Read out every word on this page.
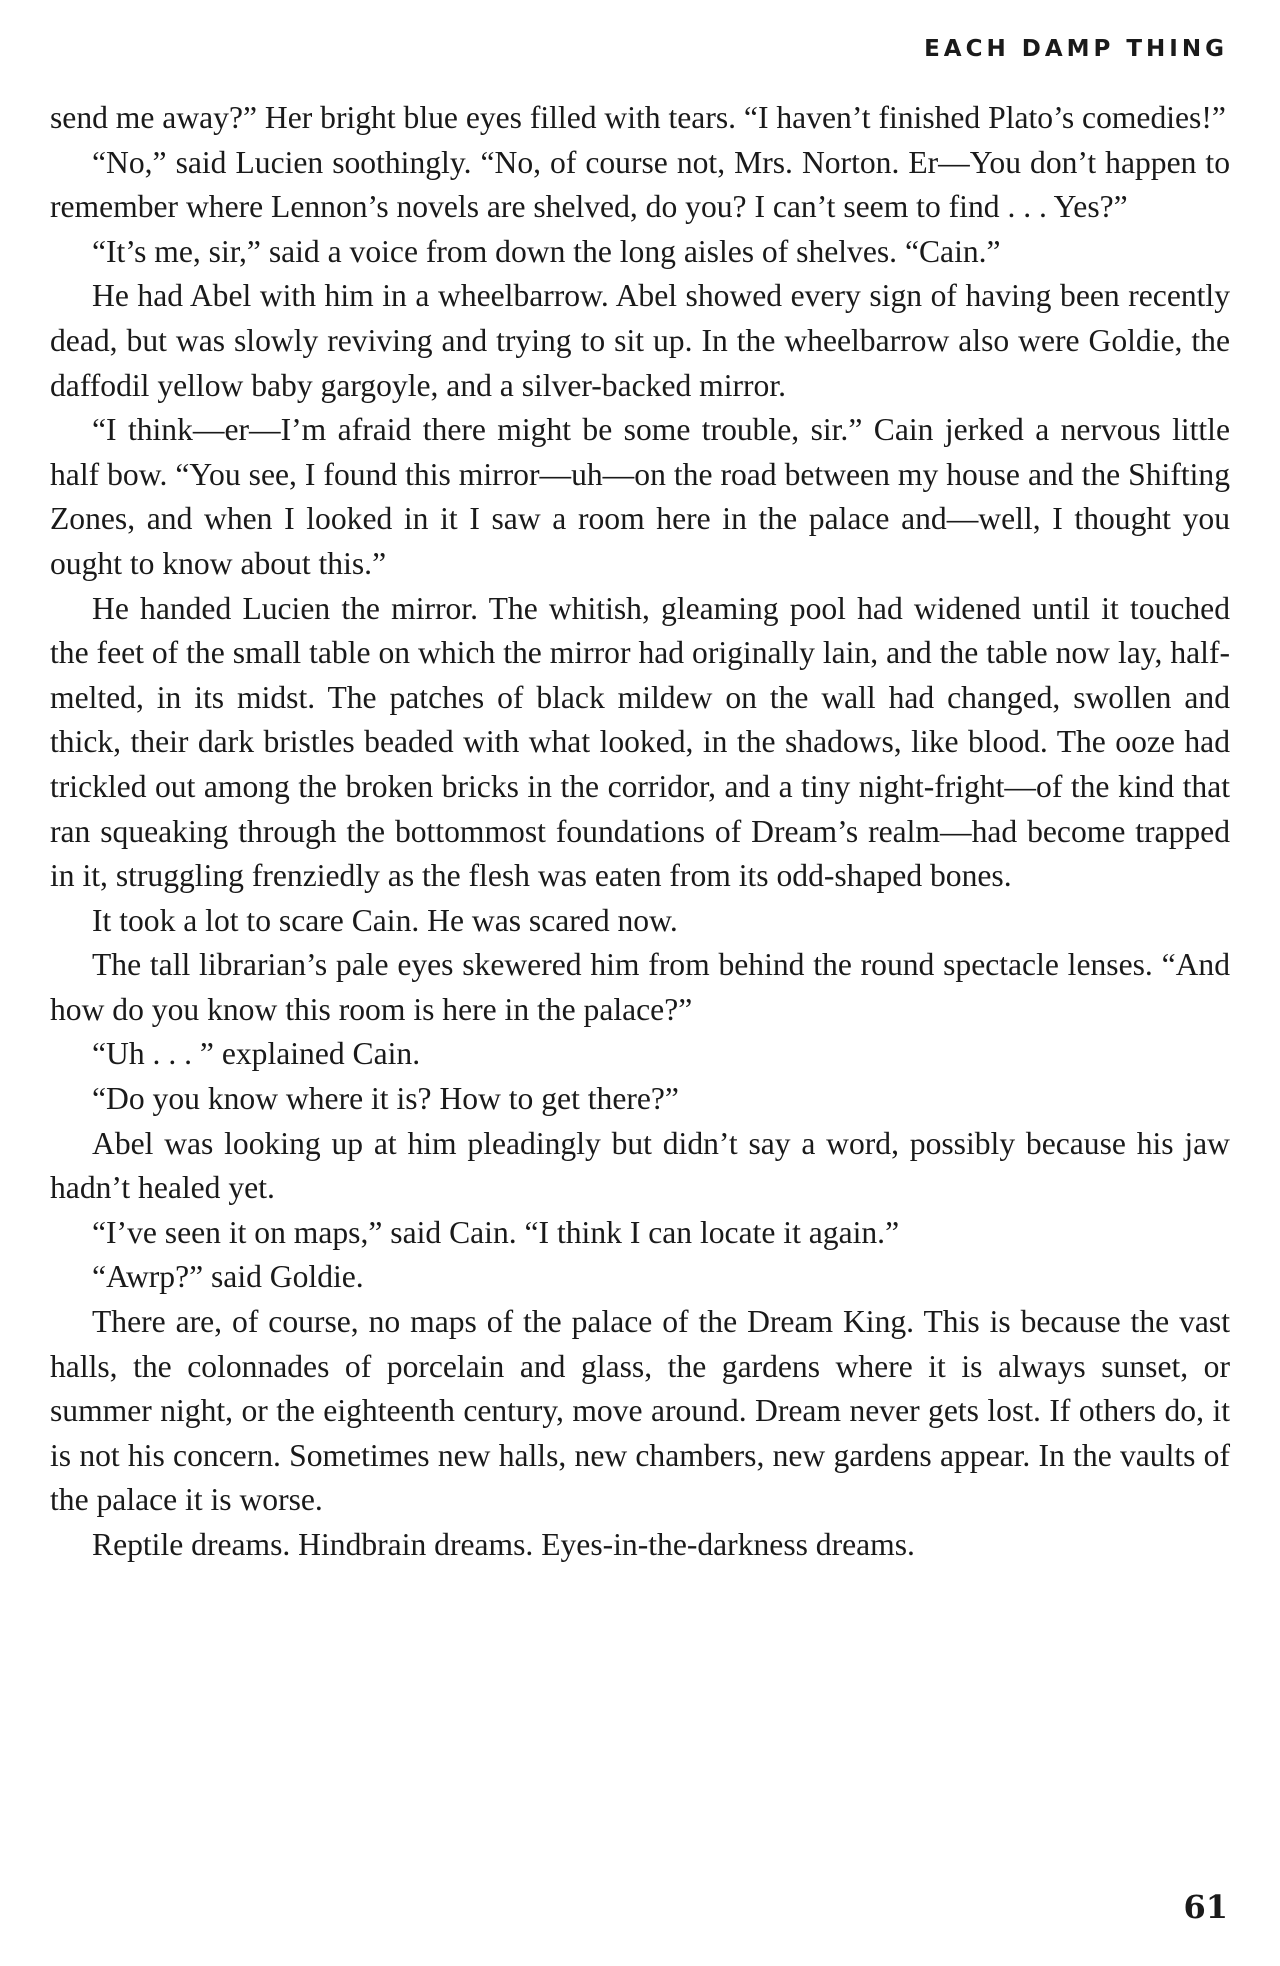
EACH DAMP THING

send me away?” Her bright blue eyes filled with tears. “I haven’t finished Plato’s comedies!”

“No,” said Lucien soothingly. “No, of course not, Mrs. Norton. Er—You don’t happen to remember where Lennon’s novels are shelved, do you? I can’t seem to find . . . Yes?”

“It’s me, sir,” said a voice from down the long aisles of shelves. “Cain.”

He had Abel with him in a wheelbarrow. Abel showed every sign of having been recently dead, but was slowly reviving and trying to sit up. In the wheelbarrow also were Goldie, the daffodil yellow baby gargoyle, and a silver-backed mirror.

“I think—er—I’m afraid there might be some trouble, sir.” Cain jerked a nervous little half bow. “You see, I found this mirror—uh—on the road between my house and the Shifting Zones, and when I looked in it I saw a room here in the palace and—well, I thought you ought to know about this.”

He handed Lucien the mirror. The whitish, gleaming pool had widened until it touched the feet of the small table on which the mirror had originally lain, and the table now lay, half-melted, in its midst. The patches of black mildew on the wall had changed, swollen and thick, their dark bristles beaded with what looked, in the shadows, like blood. The ooze had trickled out among the broken bricks in the corridor, and a tiny night-fright—of the kind that ran squeaking through the bottommost foundations of Dream’s realm—had become trapped in it, struggling frenziedly as the flesh was eaten from its odd-shaped bones.

It took a lot to scare Cain. He was scared now.

The tall librarian’s pale eyes skewered him from behind the round spectacle lenses. “And how do you know this room is here in the palace?”

“Uh . . . ” explained Cain.

“Do you know where it is? How to get there?”

Abel was looking up at him pleadingly but didn’t say a word, possibly because his jaw hadn’t healed yet.

“I’ve seen it on maps,” said Cain. “I think I can locate it again.”

“Awrp?” said Goldie.

There are, of course, no maps of the palace of the Dream King. This is because the vast halls, the colonnades of porcelain and glass, the gardens where it is always sunset, or summer night, or the eighteenth century, move around. Dream never gets lost. If others do, it is not his concern. Sometimes new halls, new chambers, new gardens appear. In the vaults of the palace it is worse.

Reptile dreams. Hindbrain dreams. Eyes-in-the-darkness dreams.

61
